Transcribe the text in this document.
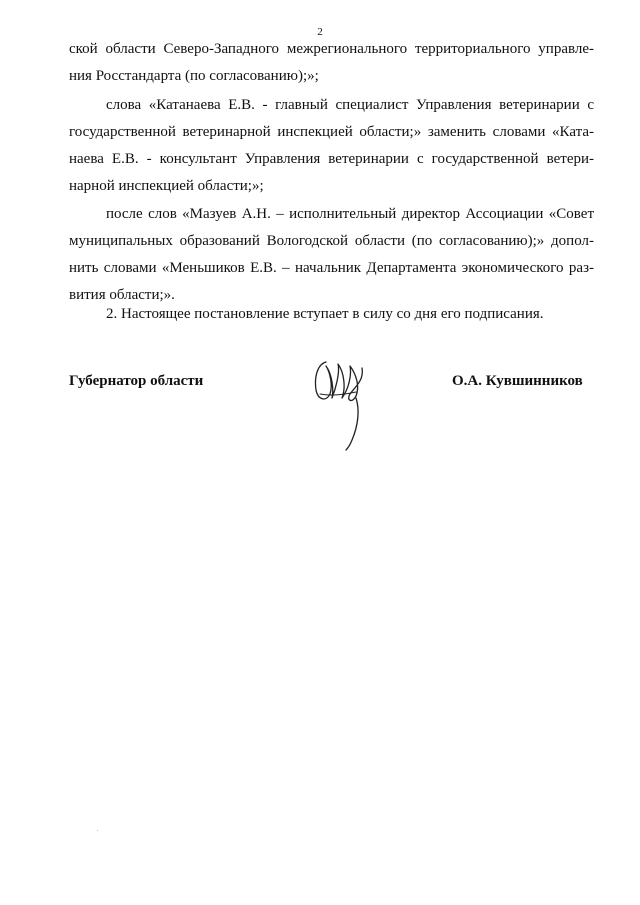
2
ской области Северо-Западного межрегионального территориального управле-
ния Росстандарта (по согласованию);»;
слова «Катанаева Е.В. - главный специалист Управления ветеринарии с
государственной ветеринарной инспекцией области;» заменить словами «Ката-
наева Е.В. - консультант Управления ветеринарии с государственной ветери-
нарной инспекцией области;»;
после слов «Мазуев А.Н. – исполнительный директор Ассоциации «Совет
муниципальных образований Вологодской области (по согласованию);» допол-
нить словами «Меньшиков Е.В. – начальник Департамента экономического раз-
вития области;».
2. Настоящее постановление вступает в силу со дня его подписания.
Губернатор области	О.А. Кувшинников
